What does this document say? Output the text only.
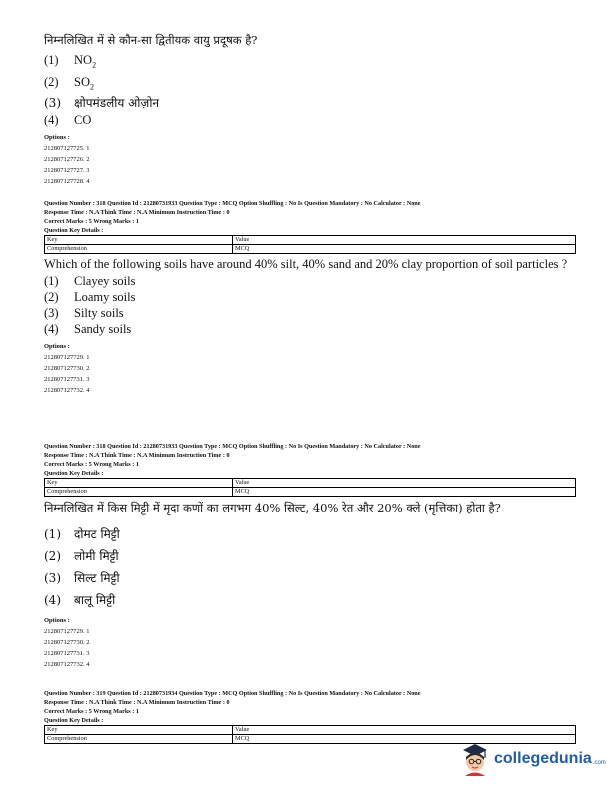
निम्नलिखित में से कौन-सा द्वितीयक वायु प्रदूषक है?
(1)	$NO_2$
(2)	$SO_2$
(3)	क्षोपमंडलीय ओज़ोन
(4)	CO
Options :
212807127725. 1
212807127726. 2
212807127727. 3
212807127728. 4
Question Number : 318 Question Id : 21280731933 Question Type : MCQ Option Shuffling : No Is Question Mandatory : No Calculator : None
Response Time : N.A Think Time : N.A Minimum Instruction Time : 0
Correct Marks : 5 Wrong Marks : 1
Question Key Details :
Key	Value
Comprehension	MCQ
Which of the following soils have around 40% silt, 40% sand and 20% clay proportion of soil particles ?
(1)	Clayey soils
(2)	Loamy soils
(3)	Silty soils
(4)	Sandy soils
Options :
212807127729. 1
212807127730. 2
212807127731. 3
212807127732. 4
Question Number : 318 Question Id : 21280731933 Question Type : MCQ Option Shuffling : No Is Question Mandatory : No Calculator : None
Response Time : N.A Think Time : N.A Minimum Instruction Time : 0
Correct Marks : 5 Wrong Marks : 1
Question Key Details :
Key	Value
Comprehension	MCQ
निम्नलिखित में किस मिट्टी में मृदा कणों का लगभग 40% सिल्ट, 40% रेत और 20% क्ले (मृत्तिका) होता है?
(1)	दोमट मिट्टी
(2)	लोमी मिट्टी
(3)	सिल्ट मिट्टी
(4)	बालू मिट्टी
Options :
212807127729. 1
212807127730. 2
212807127731. 3
212807127732. 4
Question Number : 319 Question Id : 21280731934 Question Type : MCQ Option Shuffling : No Is Question Mandatory : No Calculator : None
Response Time : N.A Think Time : N.A Minimum Instruction Time : 0
Correct Marks : 5 Wrong Marks : 1
Question Key Details :
Key	Value
Comprehension	MCQ
collegedunia .com
